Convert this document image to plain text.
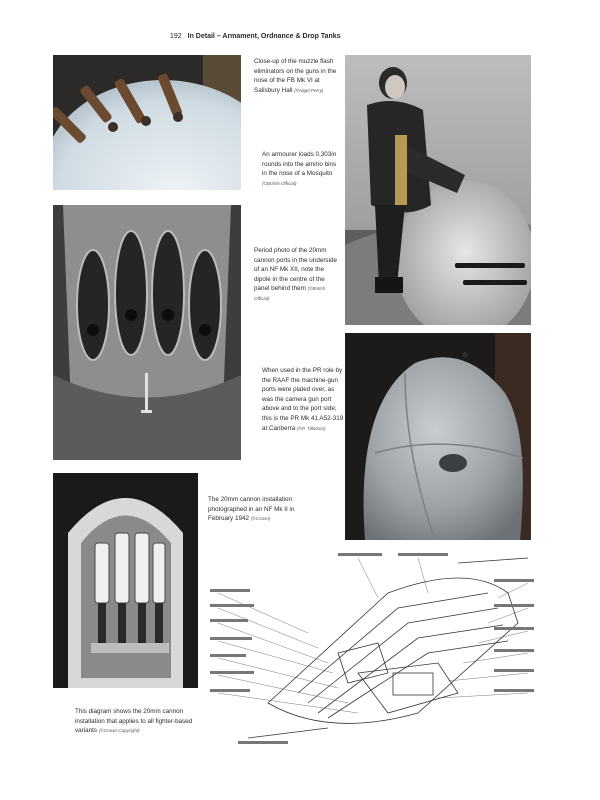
192 In Detail – Armament, Ordnance & Drop Tanks
Close-up of the muzzle flash eliminators on the guns in the nose of the FB Mk VI at Salisbury Hall (©Nigel Perry)
An armourer loads 0.303in rounds into the ammo bins in the nose of a Mosquito (©British Official)
Period photo of the 20mm cannon ports in the underside of an NF Mk XII, note the dipole in the centre of the panel behind them (©British Official)
When used in the PR role by the RAAF the machine-gun ports were plated over, as was the camera gun port above and to the port side; this is the PR Mk 41 A52-319 at Canberra (©P. Tillotson)
The 20mm cannon installation photographed in an NF Mk II in February 1942 (©Crown)
This diagram shows the 20mm cannon installation that applies to all fighter-based variants (©Crown Copyright)
